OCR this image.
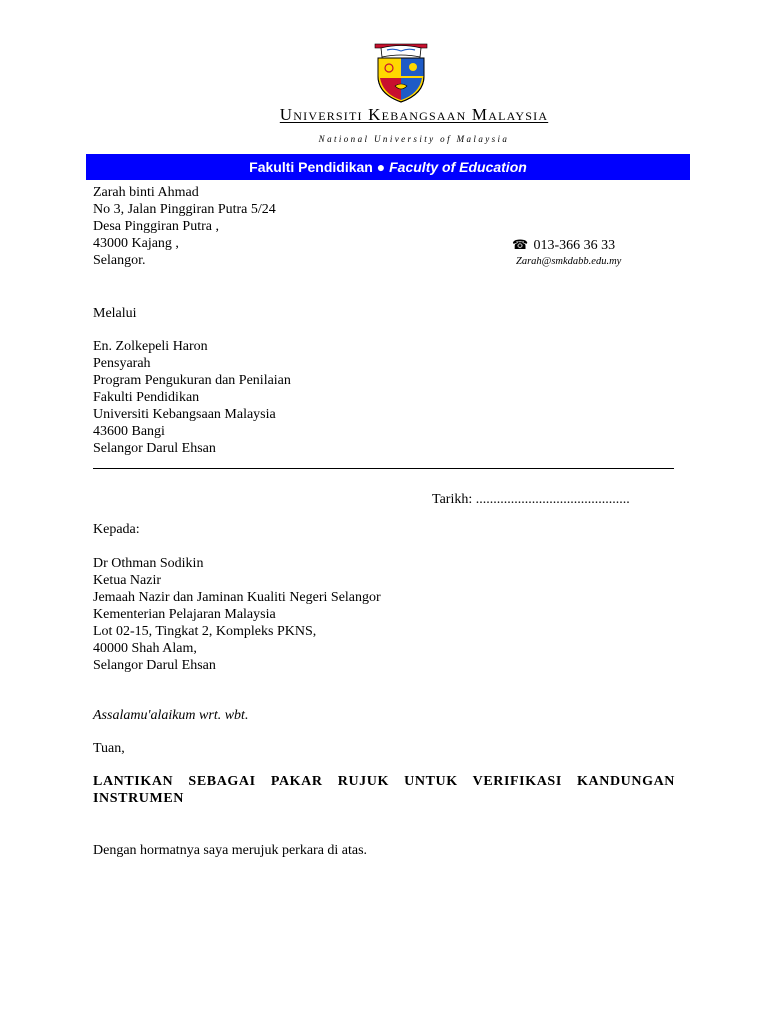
Universiti Kebangsaan Malaysia
National University of Malaysia
Fakulti Pendidikan ● Faculty of Education
Zarah binti Ahmad
No 3, Jalan Pinggiran Putra 5/24
Desa Pinggiran Putra ,
43000 Kajang ,
Selangor.
☎ 013-366 36 33
Zarah@smkdabb.edu.my
Melalui
En. Zolkepeli Haron
Pensyarah
Program Pengukuran dan Penilaian
Fakulti Pendidikan
Universiti Kebangsaan Malaysia
43600 Bangi
Selangor Darul Ehsan
Tarikh: ............................................
Kepada:
Dr Othman Sodikin
Ketua Nazir
Jemaah Nazir dan Jaminan Kualiti Negeri Selangor
Kementerian Pelajaran Malaysia
Lot 02-15, Tingkat 2, Kompleks PKNS,
40000 Shah Alam,
Selangor Darul Ehsan
Assalamu'alaikum wrt. wbt.
Tuan,
LANTIKAN SEBAGAI PAKAR RUJUK UNTUK VERIFIKASI KANDUNGAN INSTRUMEN
Dengan hormatnya saya merujuk perkara di atas.
